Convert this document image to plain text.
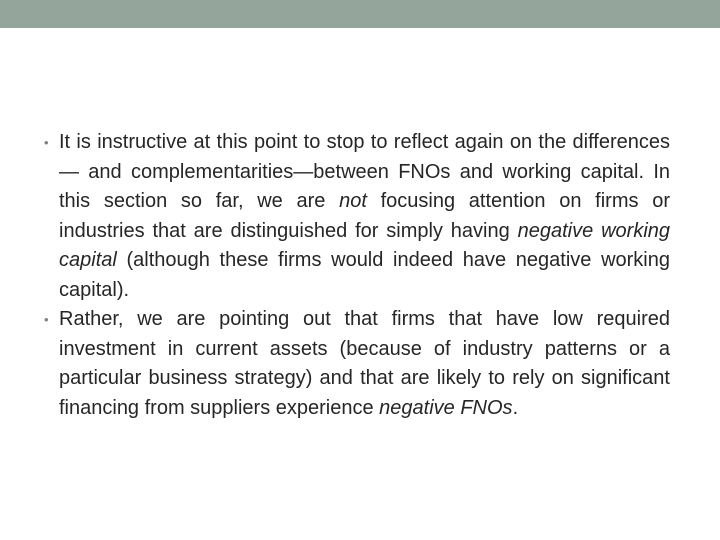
• It is instructive at this point to stop to reflect again on the differences— and complementarities—between FNOs and working capital. In this section so far, we are not focusing attention on firms or industries that are distinguished for simply having negative working capital (although these firms would indeed have negative working capital).
• Rather, we are pointing out that firms that have low required investment in current assets (because of industry patterns or a particular business strategy) and that are likely to rely on significant financing from suppliers experience negative FNOs.
